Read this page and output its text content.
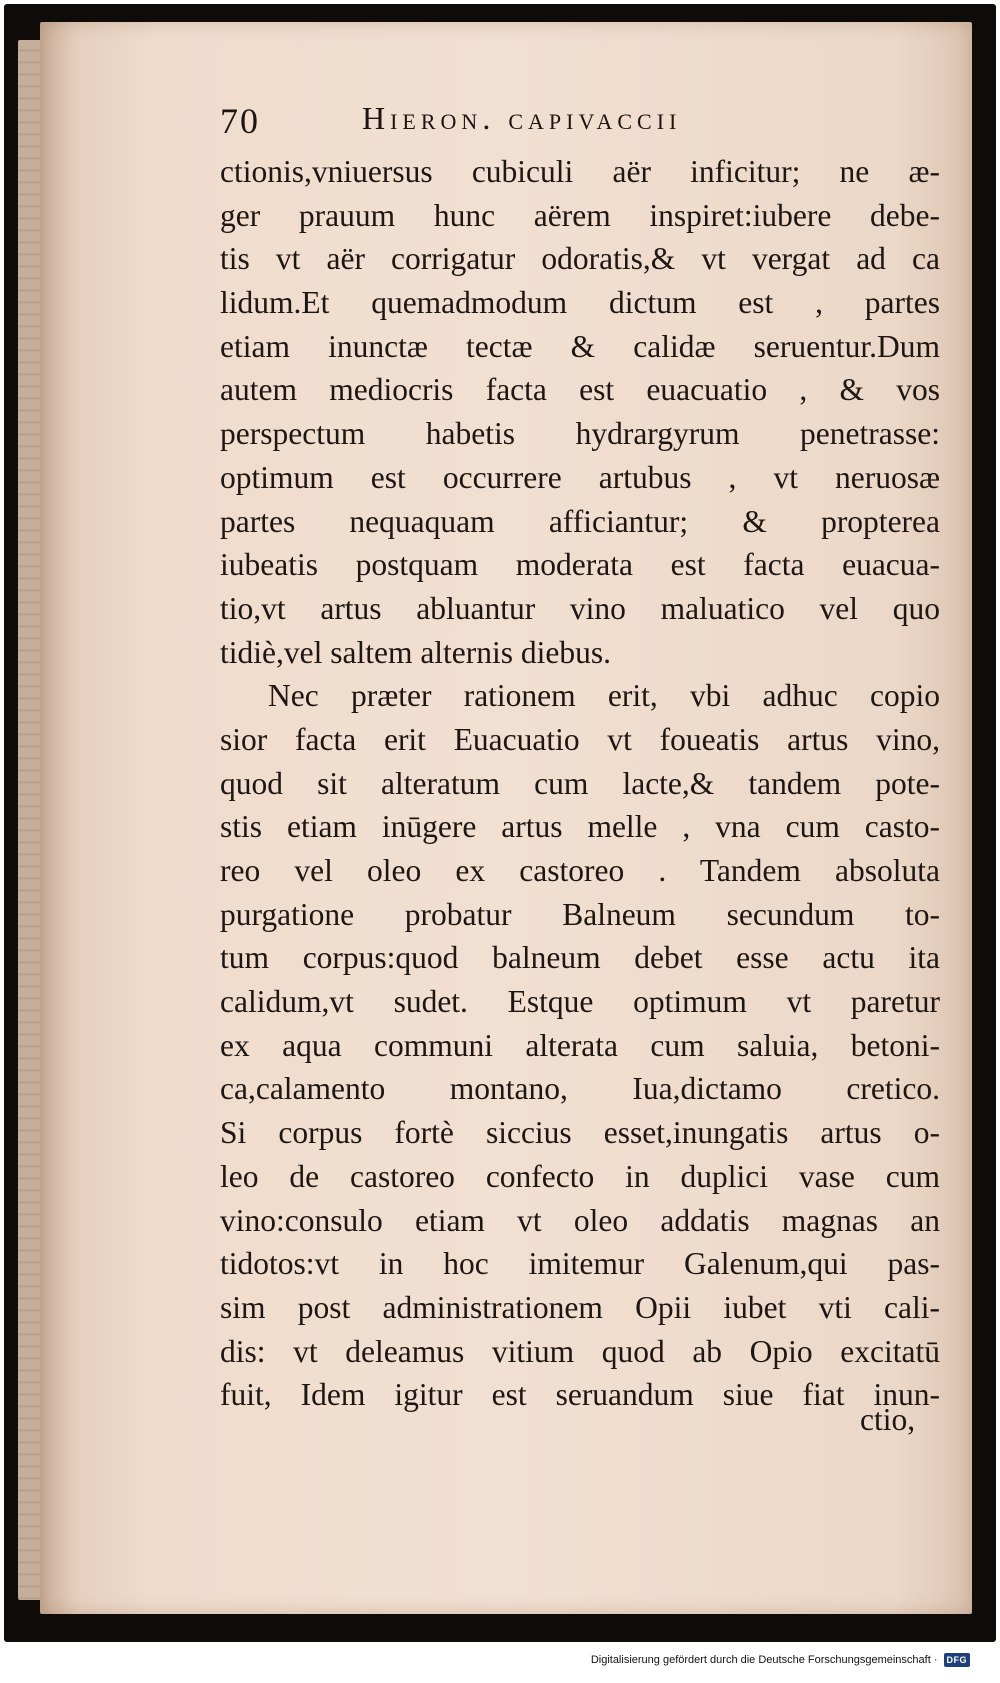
70	Hieron. capivaccii
ctionis,vniuersus cubiculi aër inficitur; ne æ-
ger prauum hunc aërem inspiret:iubere debe-
tis vt aër corrigatur odoratis,& vt vergat ad ca
lidum.Et quemadmodum dictum est , partes
etiam inunctæ tectæ & calidæ seruentur.Dum
autem mediocris facta est euacuatio , & vos
perspectum habetis hydrargyrum penetrasse:
optimum est occurrere artubus , vt neruosæ
partes nequaquam afficiantur; & propterea
iubeatis postquam moderata est facta euacua-
tio,vt artus abluantur vino maluatico vel quo
tidiè,vel saltem alternis diebus.
Nec præter rationem erit, vbi adhuc copio
sior facta erit Euacuatio vt foueatis artus vino,
quod sit alteratum cum lacte,& tandem pote-
stis etiam inūgere artus melle , vna cum casto-
reo vel oleo ex castoreo . Tandem absoluta
purgatione probatur Balneum secundum to-
tum corpus:quod balneum debet esse actu ita
calidum,vt sudet. Estque optimum vt paretur
ex aqua communi alterata cum saluia, betoni-
ca,calamento montano, Iua,dictamo cretico.
Si corpus fortè siccius esset,inungatis artus o-
leo de castoreo confecto in duplici vase cum
vino:consulo etiam vt oleo addatis magnas an
tidotos:vt in hoc imitemur Galenum,qui pas-
sim post administrationem Opii iubet vti cali-
dis: vt deleamus vitium quod ab Opio excitatū
fuit, Idem igitur est seruandum siue fiat inun-
ctio,
Digitalisierung gefördert durch die Deutsche Forschungsgemeinschaft ·	DFG
